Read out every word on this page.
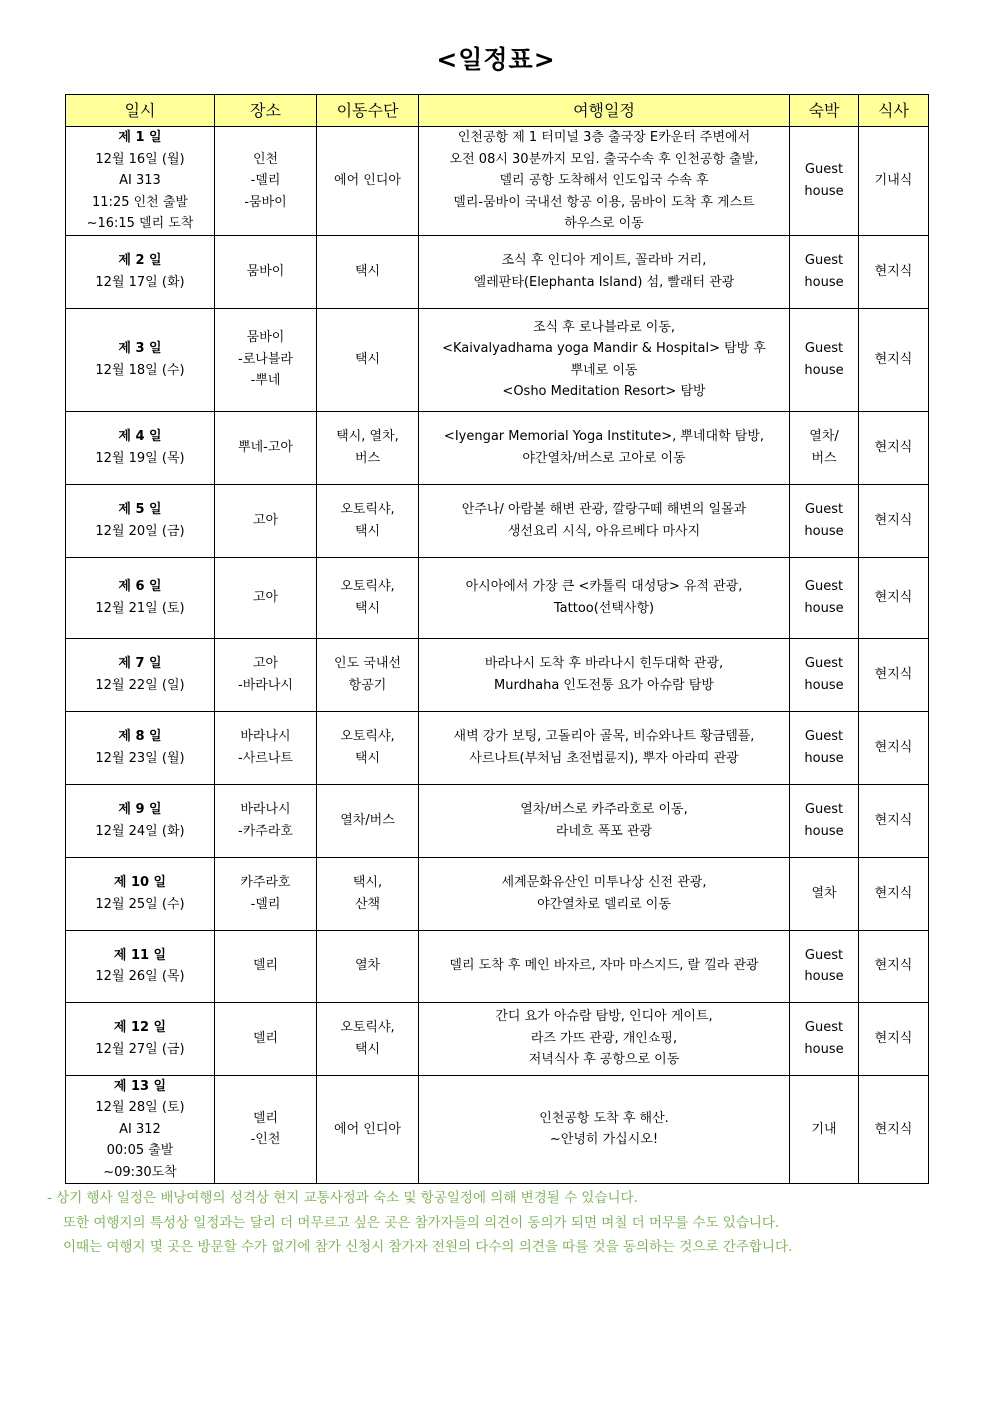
<일정표>
일시	장소	이동수단	여행일정	숙박	식사

제 1 일
12월 16일 (월)
AI 313
11:25 인천 출발
~16:15 델리 도착	인천
-델리
-뭄바이	에어 인디아	인천공항 제 1 터미널 3층 출국장 E카운터 주변에서
오전 08시 30분까지 모임. 출국수속 후 인천공항 출발,
델리 공항 도착해서 인도입국 수속 후
델리-뭄바이 국내선 항공 이용, 뭄바이 도착 후 게스트
하우스로 이동	Guest
house	기내식

제 2 일
12월 17일 (화)	뭄바이	택시	조식 후 인디아 게이트, 꼴라바 거리,
엘레판타(Elephanta Island) 섬, 빨래터 관광	Guest
house	현지식

제 3 일
12월 18일 (수)	뭄바이
-로나블라
-뿌네	택시	조식 후 로나블라로 이동,
<Kaivalyadhama yoga Mandir & Hospital> 탐방 후
뿌네로 이동
<Osho Meditation Resort> 탐방	Guest
house	현지식

제 4 일
12월 19일 (목)	뿌네-고아	택시, 열차,
버스	<Iyengar Memorial Yoga Institute>, 뿌네대학 탐방,
야간열차/버스로 고아로 이동	열차/
버스	현지식

제 5 일
12월 20일 (금)	고아	오토릭샤,
택시	안주나/ 아람볼 해변 관광, 깔랑구떼 해변의 일몰과
생선요리 시식, 아유르베다 마사지	Guest
house	현지식

제 6 일
12월 21일 (토)	고아	오토릭샤,
택시	아시아에서 가장 큰 <카톨릭 대성당> 유적 관광,
Tattoo(선택사항)	Guest
house	현지식

제 7 일
12월 22일 (일)	고아
-바라나시	인도 국내선
항공기	바라나시 도착 후 바라나시 힌두대학 관광,
Murdhaha 인도전통 요가 아슈람 탐방	Guest
house	현지식

제 8 일
12월 23일 (월)	바라나시
-사르나트	오토릭샤,
택시	새벽 강가 보팅, 고돌리아 골목, 비슈와나트 황금템플,
사르나트(부처님 초전법륜지), 뿌자 아라띠 관광	Guest
house	현지식

제 9 일
12월 24일 (화)	바라나시
-카주라호	열차/버스	열차/버스로 카주라호로 이동,
라네흐 폭포 관광	Guest
house	현지식

제 10 일
12월 25일 (수)	카주라호
-델리	택시,
산책	세계문화유산인 미투나상 신전 관광,
야간열차로 델리로 이동	열차	현지식

제 11 일
12월 26일 (목)	델리	열차	델리 도착 후 메인 바자르, 자마 마스지드, 랄 낄라 관광	Guest
house	현지식

제 12 일
12월 27일 (금)	델리	오토릭샤,
택시	간디 요가 아슈람 탐방, 인디아 게이트,
라즈 가뜨 관광, 개인쇼핑,
저녁식사 후 공항으로 이동	Guest
house	현지식

제 13 일
12월 28일 (토)
AI 312
00:05 출발
~09:30도착	델리
-인천	에어 인디아	인천공항 도착 후 해산.
~안녕히 가십시오!	기내	현지식
- 상기 행사 일정은 배낭여행의 성격상 현지 교통사정과 숙소 및 항공일정에 의해 변경될 수 있습니다.
또한 여행지의 특성상 일정과는 달리 더 머무르고 싶은 곳은 참가자들의 의견이 동의가 되면 며칠 더 머무를 수도 있습니다.
이때는 여행지 몇 곳은 방문할 수가 없기에 참가 신청시 참가자 전원의 다수의 의견을 따를 것을 동의하는 것으로 간주합니다.
